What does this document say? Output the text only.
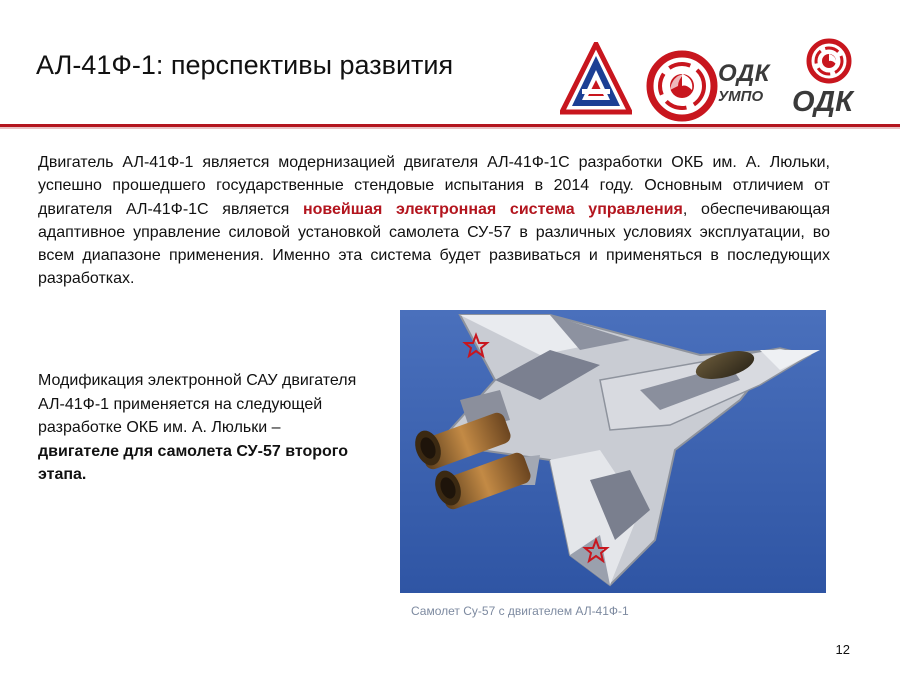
АЛ-41Ф-1: перспективы развития	ОДК
УМПО ОДК

Двигатель АЛ-41Ф-1 является модернизацией двигателя АЛ-41Ф-1С разработки ОКБ им. А. Люльки, успешно прошедшего государственные стендовые испытания в 2014 году. Основным отличием от двигателя АЛ-41Ф-1С является новейшая электронная система управления, обеспечивающая адаптивное управление силовой установкой самолета СУ-57 в различных условиях эксплуатации, во всем диапазоне применения. Именно эта система будет развиваться и применяться в последующих разработках.

Модификация электронной САУ двигателя АЛ-41Ф-1 применяется на следующей разработке ОКБ им. А. Люльки – двигателе для самолета СУ-57 второго этапа.

Самолет Су-57 с двигателем АЛ-41Ф-1
12
